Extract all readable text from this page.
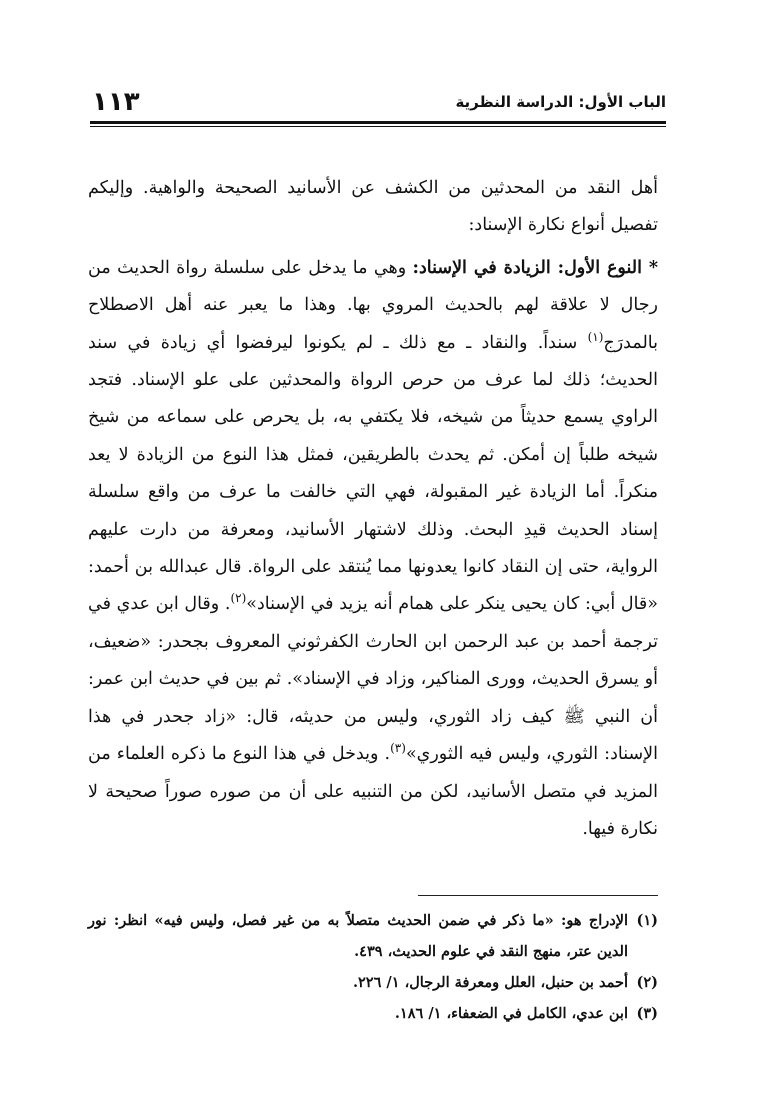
الباب الأول: الدراسة النظرية
١١٣

أهل النقد من المحدثين من الكشف عن الأسانيد الصحيحة والواهية. وإليكم تفصيل أنواع نكارة الإسناد:

* النوع الأول: الزيادة في الإسناد: وهي ما يدخل على سلسلة رواة الحديث من رجال لا علاقة لهم بالحديث المروي بها. وهذا ما يعبر عنه أهل الاصطلاح بالمدرَج$^{(١)}$ سنداً. والنقاد ـ مع ذلك ـ لم يكونوا ليرفضوا أي زيادة في سند الحديث؛ ذلك لما عرف من حرص الرواة والمحدثين على علو الإسناد. فتجد الراوي يسمع حديثاً من شيخه، فلا يكتفي به، بل يحرص على سماعه من شيخ شيخه طلباً إن أمكن. ثم يحدث بالطريقين، فمثل هذا النوع من الزيادة لا يعد منكراً. أما الزيادة غير المقبولة، فهي التي خالفت ما عرف من واقع سلسلة إسناد الحديث قيدِ البحث. وذلك لاشتهار الأسانيد، ومعرفة من دارت عليهم الرواية، حتى إن النقاد كانوا يعدونها مما يُنتقد على الرواة. قال عبدالله بن أحمد: «قال أبي: كان يحيى ينكر على همام أنه يزيد في الإسناد»$^{(٢)}$. وقال ابن عدي في ترجمة أحمد بن عبد الرحمن ابن الحارث الكفرثوني المعروف بجحدر: «ضعيف، أو يسرق الحديث، وورى المناكير، وزاد في الإسناد». ثم بين في حديث ابن عمر: أن النبي ﷺ كيف زاد الثوري، وليس من حديثه، قال: «زاد جحدر في هذا الإسناد: الثوري، وليس فيه الثوري»$^{(٣)}$. ويدخل في هذا النوع ما ذكره العلماء من المزيد في متصل الأسانيد، لكن من التنبيه على أن من صوره صوراً صحيحة لا نكارة فيها.

(١)
الإدراج هو: «ما ذكر في ضمن الحديث متصلاً به من غير فصل، وليس فيه» انظر: نور الدين عتر، منهج النقد في علوم الحديث، ٤٣٩.
(٢)
أحمد بن حنبل، العلل ومعرفة الرجال، ١/ ٢٢٦.
(٣)
ابن عدي، الكامل في الضعفاء، ١/ ١٨٦.
